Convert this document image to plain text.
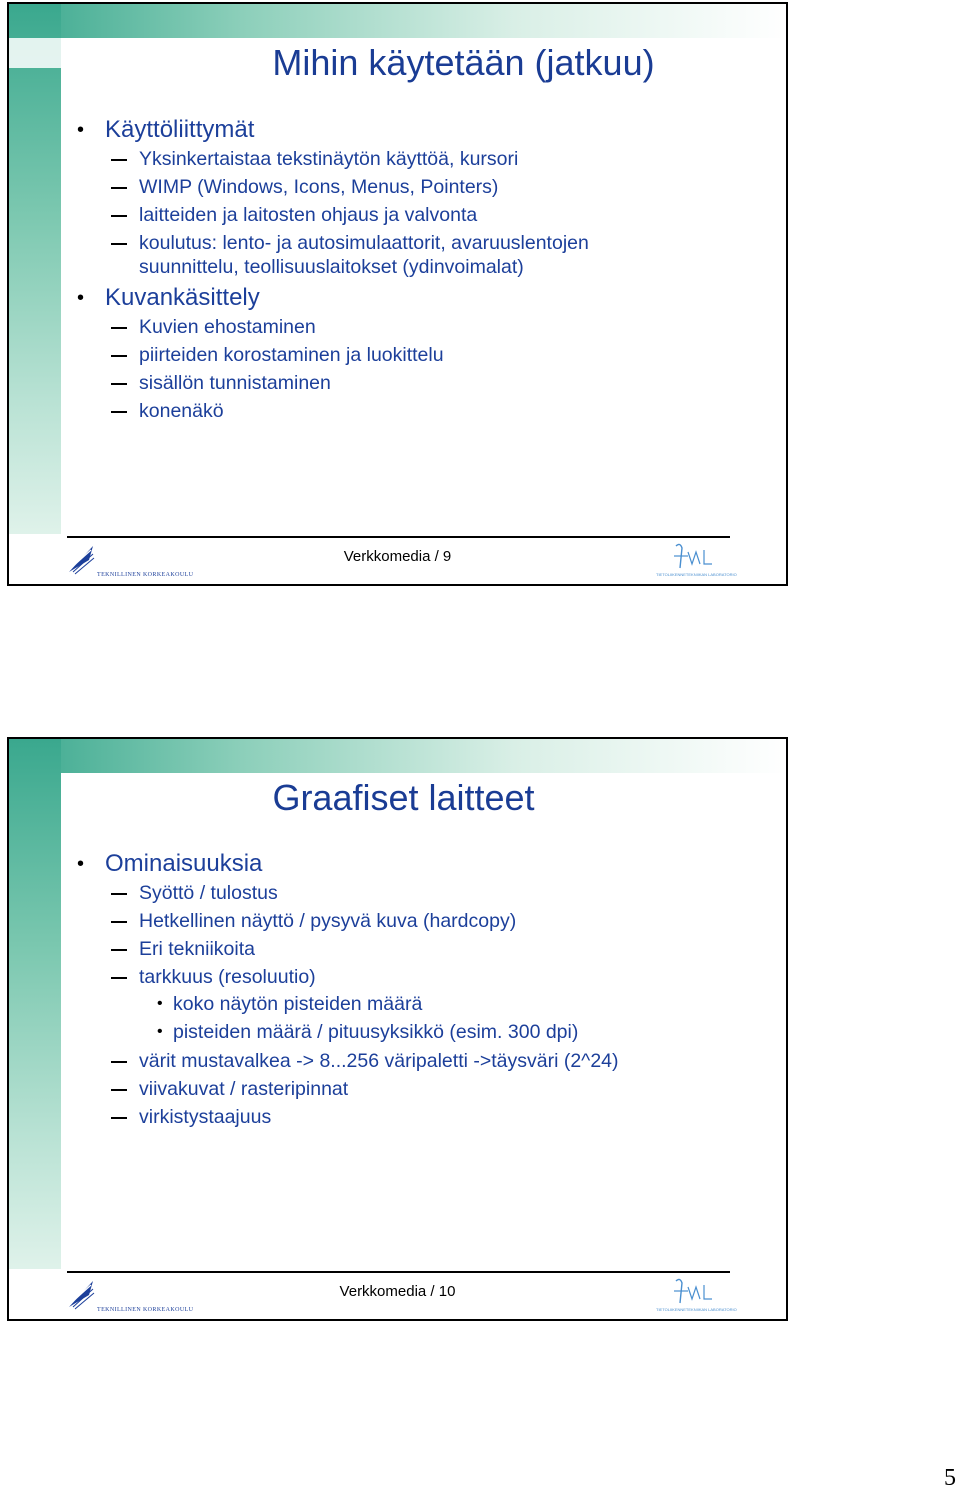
Mihin käytetään (jatkuu)
• Käyttöliittymät
Yksinkertaistaa tekstinäytön käyttöä, kursori
WIMP (Windows, Icons, Menus, Pointers)
laitteiden ja laitosten ohjaus ja valvonta
koulutus: lento- ja autosimulaattorit, avaruuslentojen
suunnittelu, teollisuuslaitokset (ydinvoimalat)
• Kuvankäsittely
Kuvien ehostaminen
piirteiden korostaminen ja luokittelu
sisällön tunnistaminen
konenäkö
TEKNILLINEN KORKEAKOULU
Verkkomedia / 9
TIETOLIIKENNETEKNIIKAN LABORATORIO
Graafiset laitteet
• Ominaisuuksia
Syöttö / tulostus
Hetkellinen näyttö / pysyvä kuva (hardcopy)
Eri tekniikoita
tarkkuus (resoluutio)
• koko näytön pisteiden määrä
• pisteiden määrä / pituusyksikkö (esim. 300 dpi)
värit mustavalkea -> 8...256 väripaletti ->täysväri (2^24)
viivakuvat / rasteripinnat
virkistystaajuus
TEKNILLINEN KORKEAKOULU
Verkkomedia / 10
TIETOLIIKENNETEKNIIKAN LABORATORIO
5
